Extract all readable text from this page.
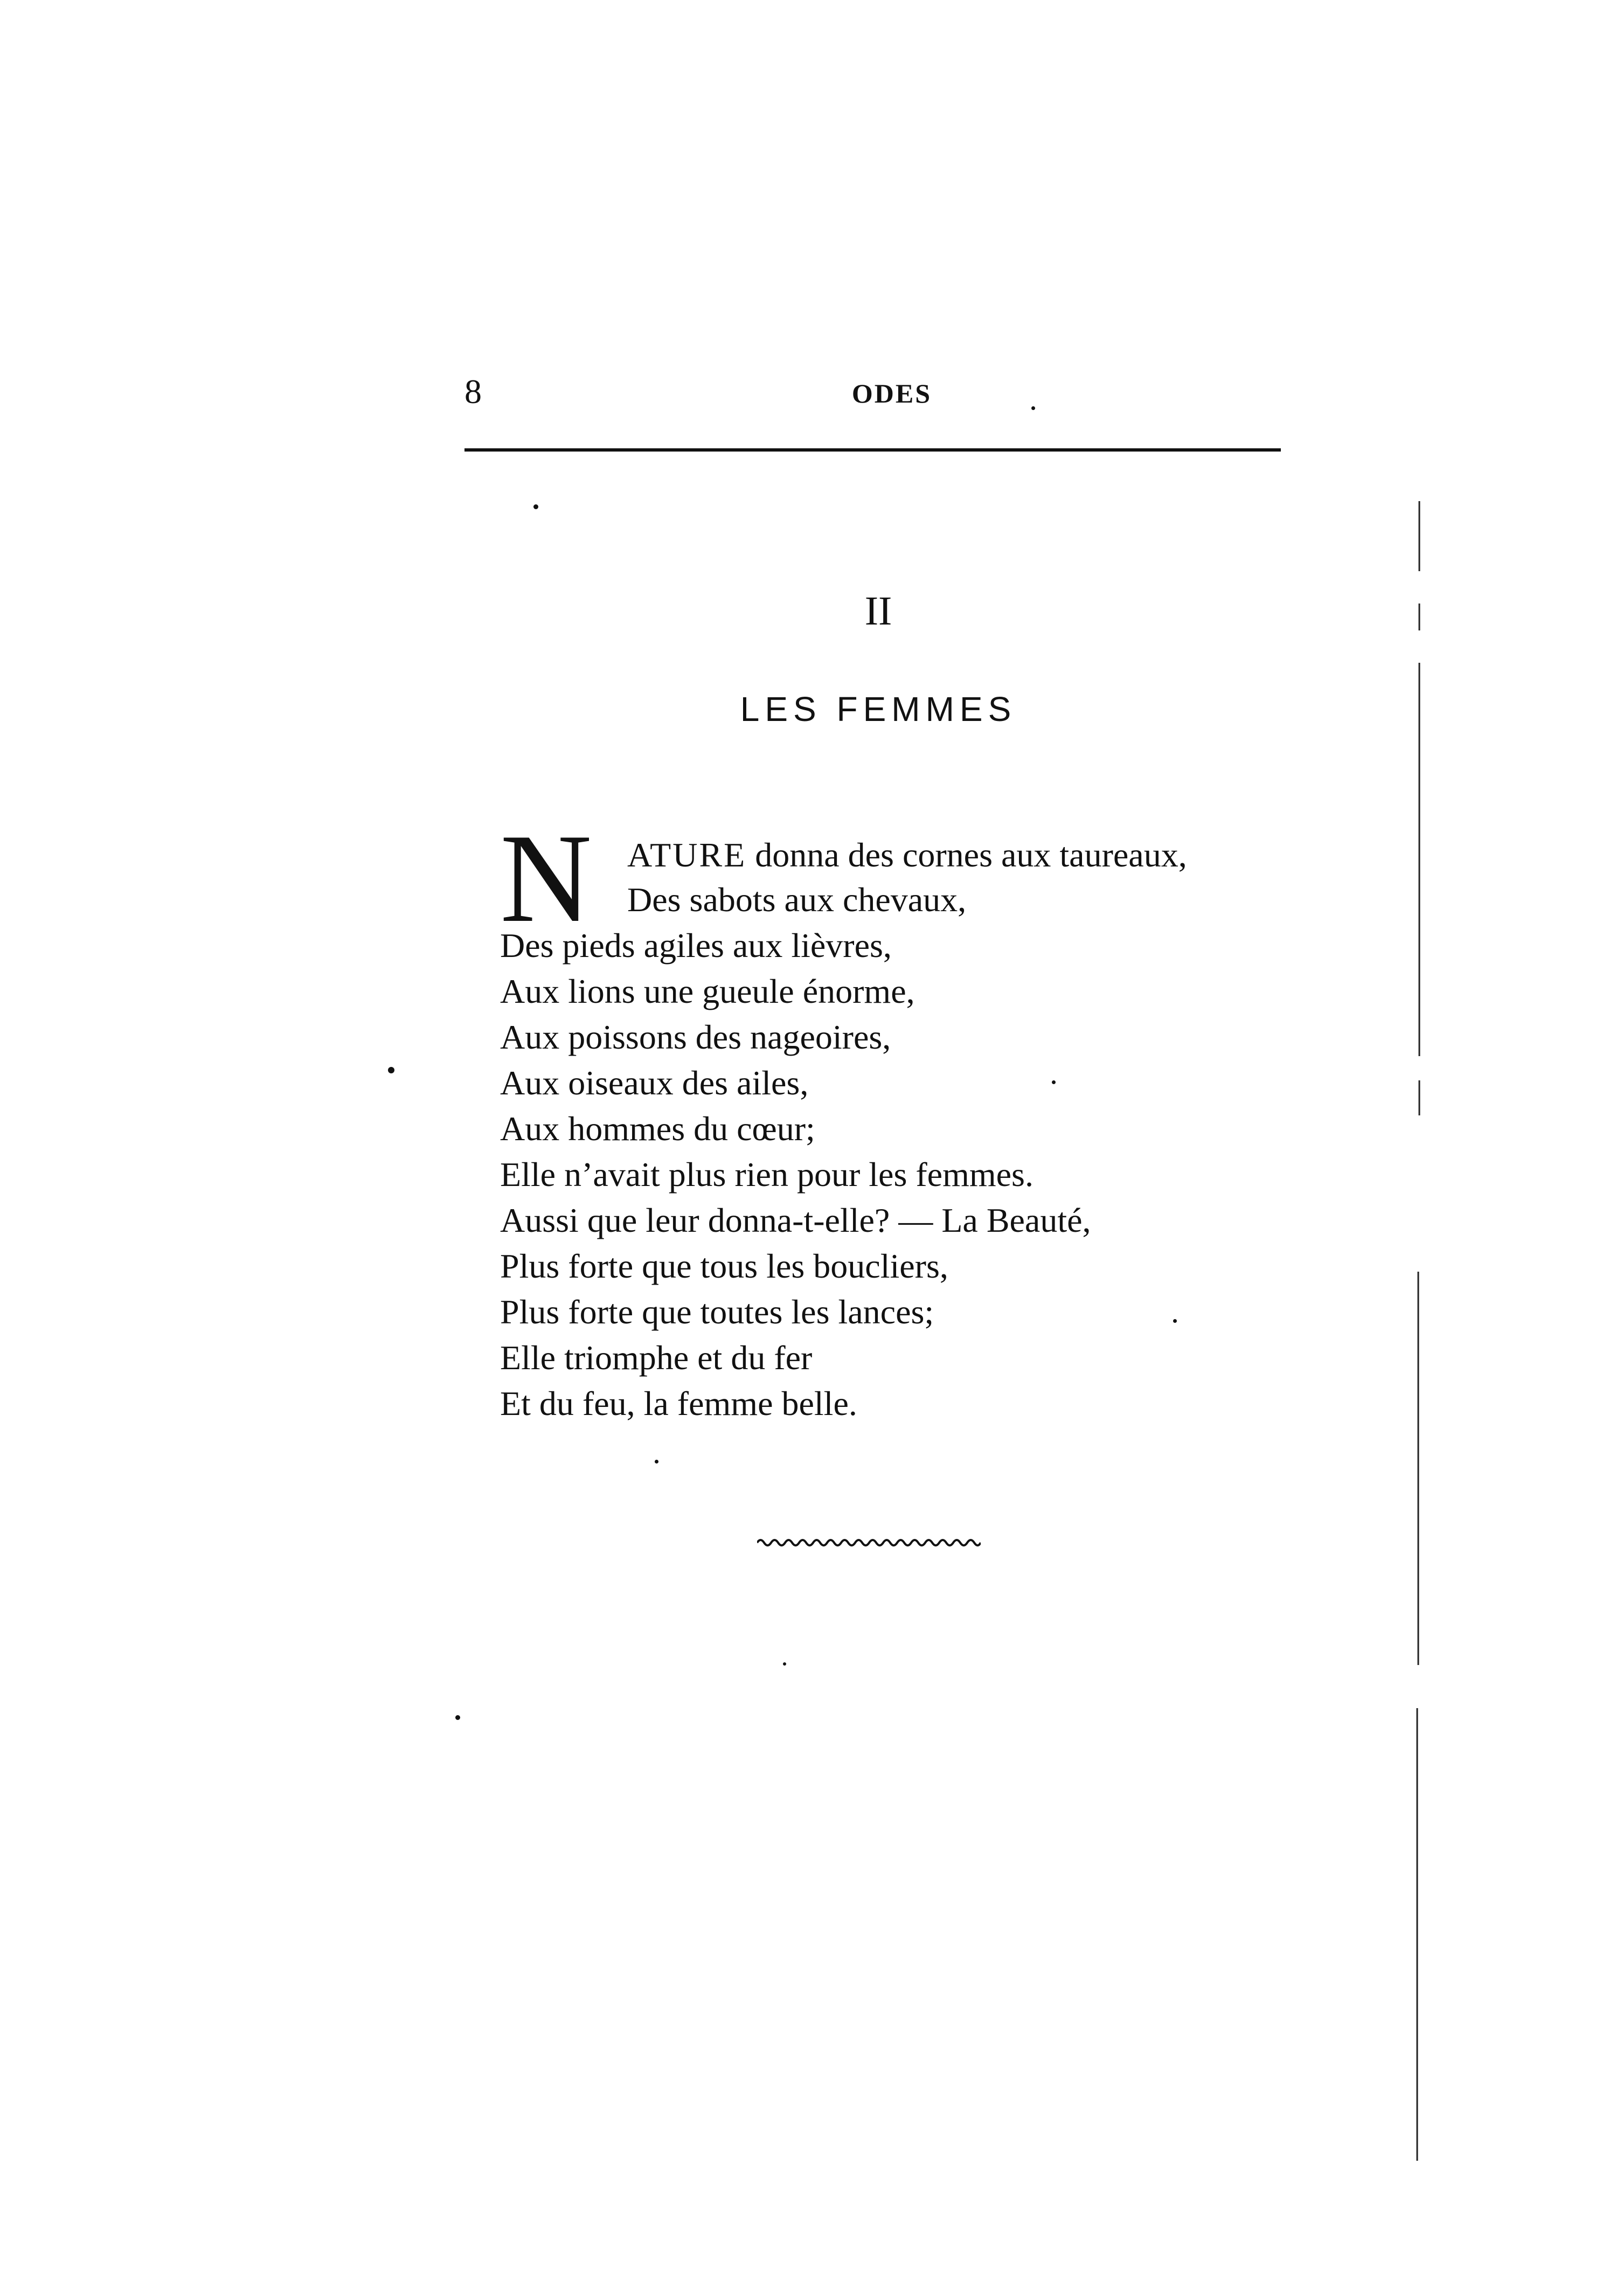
8	ODES
II
LES FEMMES
N ATURE donna des cornes aux taureaux,

Des sabots aux chevaux,

Des pieds agiles aux lièvres,

Aux lions une gueule énorme,

Aux poissons des nageoires,

Aux oiseaux des ailes,

Aux hommes du cœur;

Elle n’avait plus rien pour les femmes.

Aussi que leur donna-t-elle? — La Beauté,

Plus forte que tous les boucliers,

Plus forte que toutes les lances;

Elle triomphe et du fer

Et du feu, la femme belle.
